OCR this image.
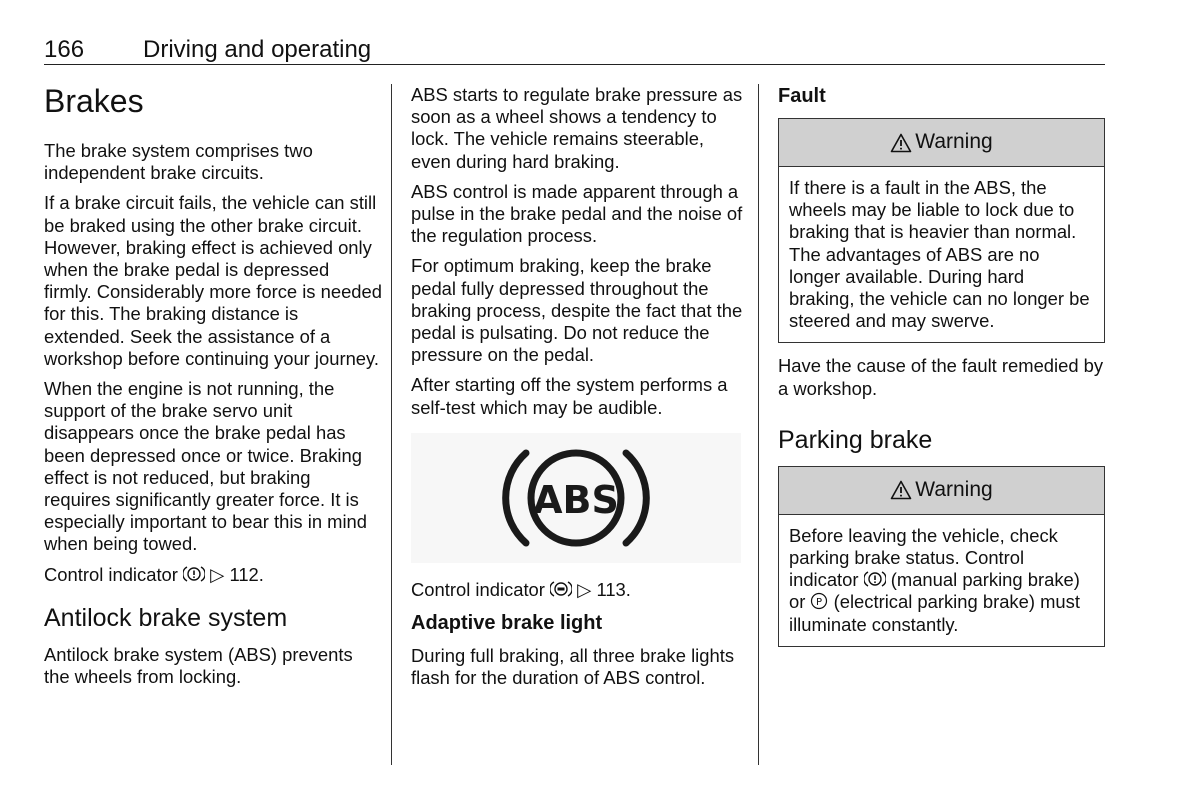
166 Driving and operating
Brakes

The brake system comprises two independent brake circuits.

If a brake circuit fails, the vehicle can still be braked using the other brake circuit. However, braking effect is achieved only when the brake pedal is depressed firmly. Considerably more force is needed for this. The braking distance is extended. Seek the assistance of a workshop before continuing your journey.

When the engine is not running, the support of the brake servo unit disappears once the brake pedal has been depressed once or twice. Braking effect is not reduced, but braking requires significantly greater force. It is especially important to bear this in mind when being towed.

Control indicator ▷ 112.

Antilock brake system

Antilock brake system (ABS) prevents the wheels from locking.

ABS starts to regulate brake pressure as soon as a wheel shows a tendency to lock. The vehicle remains steerable, even during hard braking.

ABS control is made apparent through a pulse in the brake pedal and the noise of the regulation process.

For optimum braking, keep the brake pedal fully depressed throughout the braking process, despite the fact that the pedal is pulsating. Do not reduce the pressure on the pedal.

After starting off the system performs a self-test which may be audible.

ABS

Control indicator ▷ 113.

Adaptive brake light

During full braking, all three brake lights flash for the duration of ABS control.

Fault
Warning
If there is a fault in the ABS, the wheels may be liable to lock due to braking that is heavier than normal. The advantages of ABS are no longer available. During hard braking, the vehicle can no longer be steered and may swerve.

Have the cause of the fault remedied by a workshop.

Parking brake
Warning
Before leaving the vehicle, check parking brake status. Control indicator (manual parking brake) or P (electrical parking brake) must illuminate constantly.
